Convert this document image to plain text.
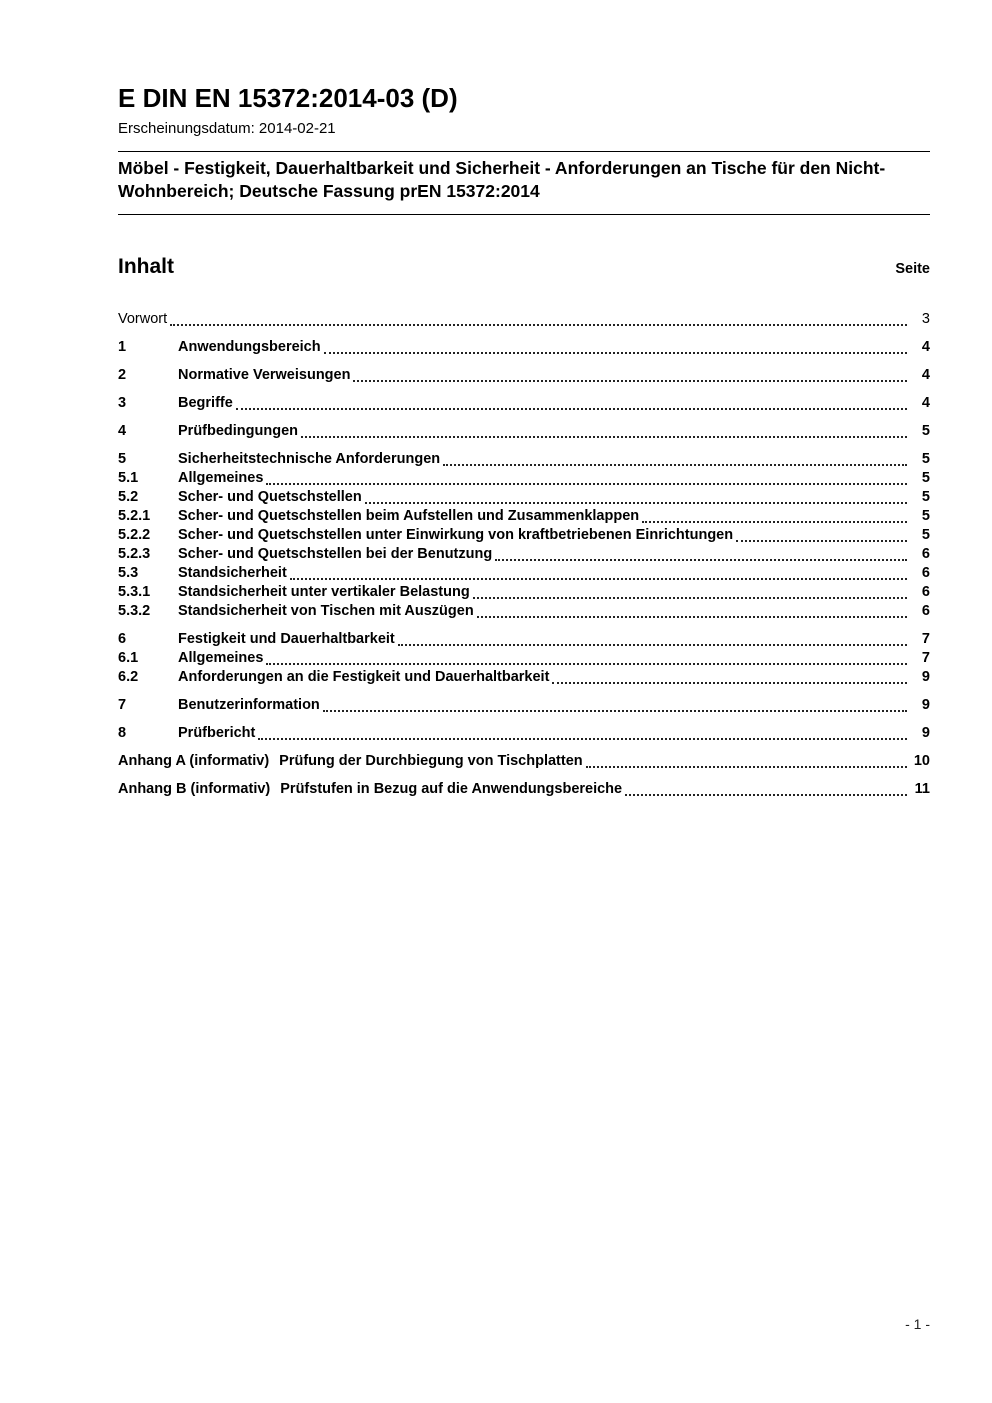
E DIN EN 15372:2014-03 (D)
Erscheinungsdatum: 2014-02-21

Möbel - Festigkeit, Dauerhaltbarkeit und Sicherheit - Anforderungen an Tische für den Nicht-Wohnbereich; Deutsche Fassung prEN 15372:2014

Inhalt	Seite
Vorwort	3
1	Anwendungsbereich	4
2	Normative Verweisungen	4
3	Begriffe	4
4	Prüfbedingungen	5
5	Sicherheitstechnische Anforderungen	5
5.1	Allgemeines	5
5.2	Scher- und Quetschstellen	5
5.2.1	Scher- und Quetschstellen beim Aufstellen und Zusammenklappen	5
5.2.2	Scher- und Quetschstellen unter Einwirkung von kraftbetriebenen Einrichtungen	5
5.2.3	Scher- und Quetschstellen bei der Benutzung	6
5.3	Standsicherheit	6
5.3.1	Standsicherheit unter vertikaler Belastung	6
5.3.2	Standsicherheit von Tischen mit Auszügen	6
6	Festigkeit und Dauerhaltbarkeit	7
6.1	Allgemeines	7
6.2	Anforderungen an die Festigkeit und Dauerhaltbarkeit	9
7	Benutzerinformation	9
8	Prüfbericht	9
Anhang A (informativ) Prüfung der Durchbiegung von Tischplatten	10
Anhang B (informativ) Prüfstufen in Bezug auf die Anwendungsbereiche	11
- 1 -
